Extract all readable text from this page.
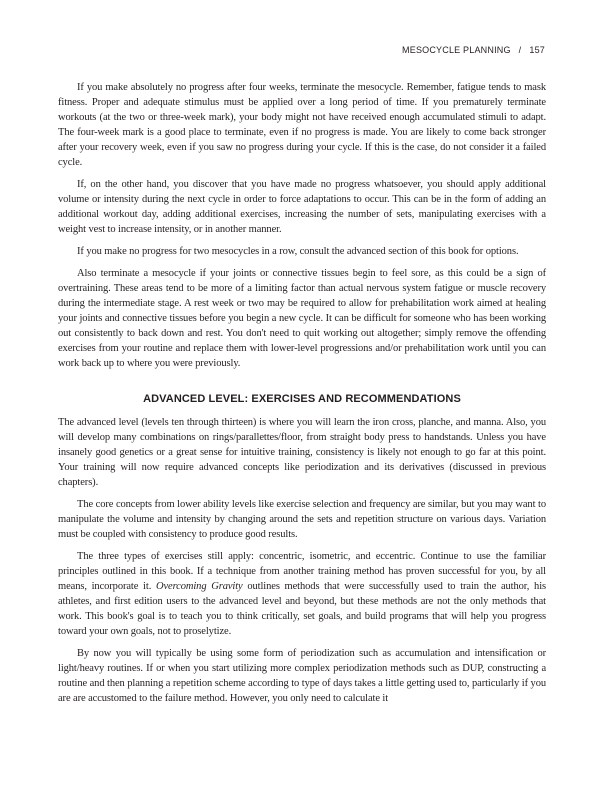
MESOCYCLE PLANNING / 157

If you make absolutely no progress after four weeks, terminate the mesocycle. Remember, fatigue tends to mask fitness. Proper and adequate stimulus must be applied over a long period of time. If you prematurely terminate workouts (at the two or three-week mark), your body might not have received enough accumulated stimuli to adapt. The four-week mark is a good place to terminate, even if no progress is made. You are likely to come back stronger after your recovery week, even if you saw no progress during your cycle. If this is the case, do not consider it a failed cycle.

If, on the other hand, you discover that you have made no progress whatsoever, you should apply additional volume or intensity during the next cycle in order to force adaptations to occur. This can be in the form of adding an additional workout day, adding additional exercises, increasing the number of sets, manipulating exercises with a weight vest to increase intensity, or in another manner.

If you make no progress for two mesocycles in a row, consult the advanced section of this book for options.

Also terminate a mesocycle if your joints or connective tissues begin to feel sore, as this could be a sign of overtraining. These areas tend to be more of a limiting factor than actual nervous system fatigue or muscle recovery during the intermediate stage. A rest week or two may be required to allow for prehabilitation work aimed at healing your joints and connective tissues before you begin a new cycle. It can be difficult for someone who has been working out consistently to back down and rest. You don't need to quit working out altogether; simply remove the offending exercises from your routine and replace them with lower-level progressions and/or prehabilitation work until you can work back up to where you were previously.

ADVANCED LEVEL: EXERCISES AND RECOMMENDATIONS

The advanced level (levels ten through thirteen) is where you will learn the iron cross, planche, and manna. Also, you will develop many combinations on rings/parallettes/floor, from straight body press to handstands. Unless you have insanely good genetics or a great sense for intuitive training, consistency is likely not enough to go far at this point. Your training will now require advanced concepts like periodization and its derivatives (discussed in previous chapters).

The core concepts from lower ability levels like exercise selection and frequency are similar, but you may want to manipulate the volume and intensity by changing around the sets and repetition structure on various days. Variation must be coupled with consistency to produce good results.

The three types of exercises still apply: concentric, isometric, and eccentric. Continue to use the familiar principles outlined in this book. If a technique from another training method has proven successful for you, by all means, incorporate it. Overcoming Gravity outlines methods that were successfully used to train the author, his athletes, and first edition users to the advanced level and beyond, but these methods are not the only methods that work. This book's goal is to teach you to think critically, set goals, and build programs that will help you progress toward your own goals, not to proselytize.

By now you will typically be using some form of periodization such as accumulation and intensification or light/heavy routines. If or when you start utilizing more complex periodization methods such as DUP, constructing a routine and then planning a repetition scheme according to type of days takes a little getting used to, particularly if you are are accustomed to the failure method. However, you only need to calculate it
